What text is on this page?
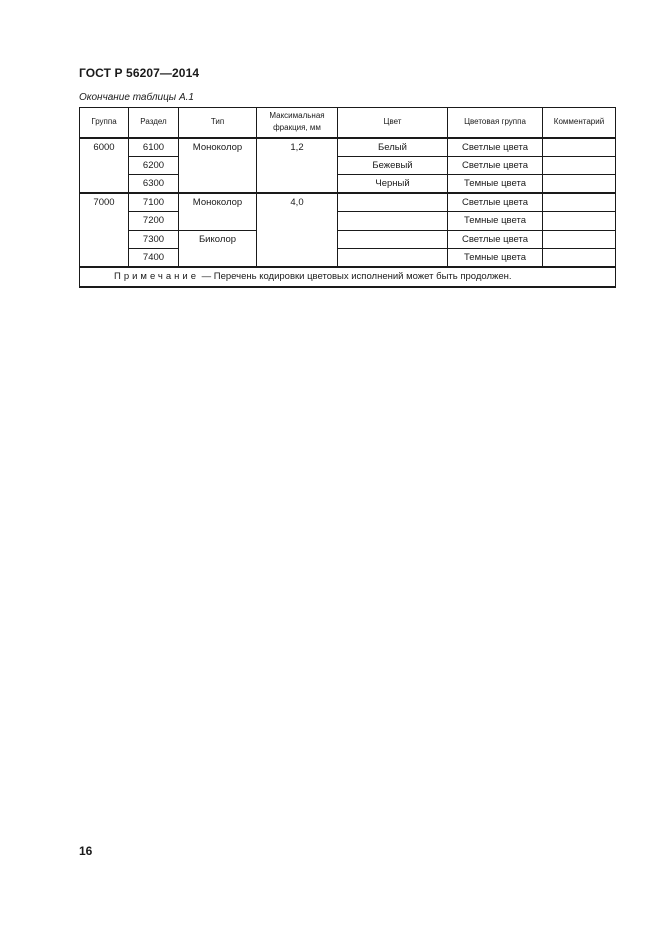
ГОСТ Р 56207—2014
Окончание таблицы А.1
Группа	Раздел	Тип	Максимальная фракция, мм	Цвет	Цветовая группа	Комментарий
6000	6100	Моноколор	1,2	Белый	Светлые цвета	
	6200			Бежевый	Светлые цвета	
	6300			Черный	Темные цвета	
7000	7100	Моноколор	4,0		Светлые цвета	
	7200				Темные цвета	
	7300	Биколор			Светлые цвета	
	7400				Темные цвета	
Примечание — Перечень кодировки цветовых исполнений может быть продолжен.						
16
